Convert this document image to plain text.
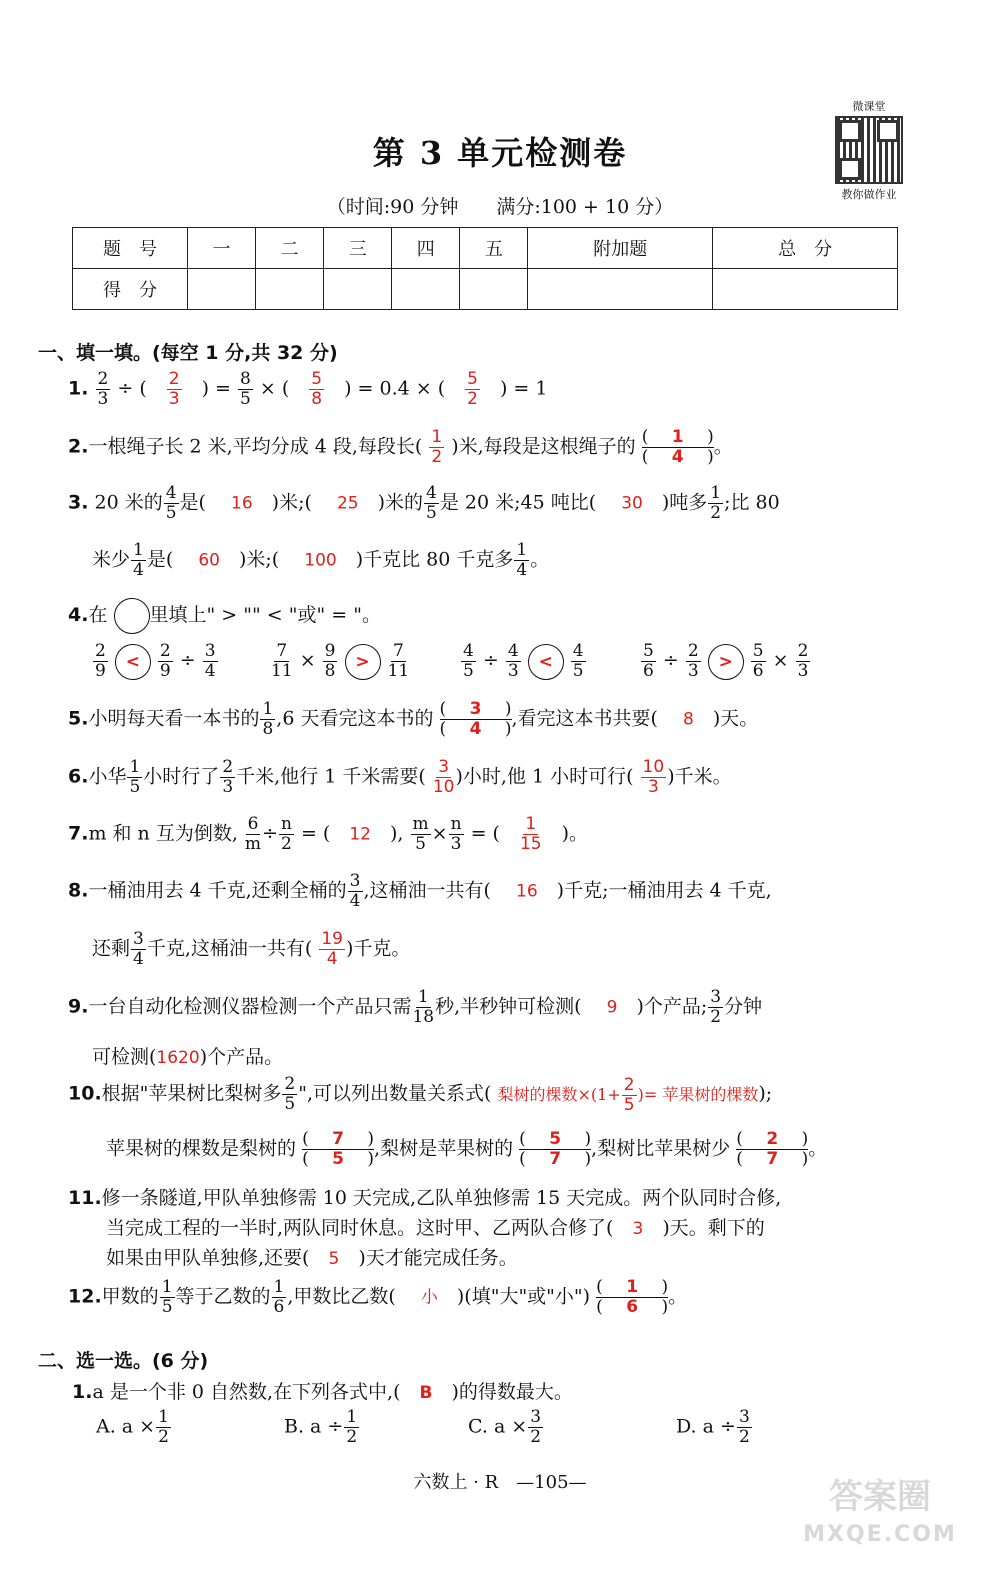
第 3 单元检测卷
微课堂
教你做作业
（时间:90 分钟　　满分:100 + 10 分）
题　号	一	二	三	四	五	附加题	总　分
得　分							
一、填一填。(每空 1 分,共 32 分)
1. $\frac{2}{3}$ ÷ (　 $\frac{2}{3}$ 　) = $\frac{8}{5}$ × (　 $\frac{5}{8}$ 　) = 0.4 × (　 $\frac{5}{2}$ 　) = 1
2.一根绳子长 2 米,平均分成 4 段,每段长( $\frac{1}{2}$ )米,每段是这根绳子的 $\frac{( 1 )}{( 4 )}$ 。
3. 20 米的 $\frac{4}{5}$ 是( 　 16　 )米;( 　 25　 )米的 $\frac{4}{5}$ 是 20 米;45 吨比( 　 30　 )吨多 $\frac{1}{2}$ ;比 80
米少 $\frac{1}{4}$ 是( 　 60　 )米;( 　 100　 )千克比 80 千克多 $\frac{1}{4}$ 。
4.在 里填上" > "" < "或" = "。
$\frac{2}{9} < \frac{2}{9} \div \frac{3}{4}$	$\frac{7}{11} \times \frac{9}{8} > \frac{7}{11}$	$\frac{4}{5} \div \frac{4}{3} < \frac{4}{5}$	$\frac{5}{6} \div \frac{2}{3} > \frac{5}{6} \times \frac{2}{3}$
5.小明每天看一本书的 $\frac{1}{8} ,6$ 天看完这本书的 $\frac{( 3 )}{( 4 )}$ ,看完这本书共要( 　 8　 )天。
6.小华 $\frac{1}{5}$ 小时行了 $\frac{2}{3}$ 千米,他行 1 千米需要( $\frac{3}{10}$ )小时,他 1 小时可行( $\frac{10}{3}$ )千米。
7.m 和 n 互为倒数, $\frac{6}{m} \div \frac{n}{2}$ = (　 12　 ), $\frac{m}{5} \times \frac{n}{3}$ = (　 $\frac{1}{15}$
　 )。
8.一桶油用去 4 千克,还剩全桶的 $\frac{3}{4}$ ,这桶油一共有( 　 16　 )千克;一桶油用去 4 千克,
还剩 $\frac{3}{4}$ 千克,这桶油一共有( $\frac{19}{4}$ )千克。
9.一台自动化检测仪器检测一个产品只需 $\frac{1}{18}$ 秒,半秒钟可检测( 　 9　 )个产品; $\frac{3}{2}$ 分钟
可检测(1620)个产品。
10.根据"苹果树比梨树多 $\frac{2}{5}$ ",可以列出数量关系式( 梨树的棵数$\times(1+ \frac{2}{5}$ )= 苹果树的棵数);
苹果树的棵数是梨树的 $\frac{( 7 )}{( 5 )}$ ,梨树是苹果树的 $\frac{( 5 )}{( 7 )}$ ,梨树比苹果树少 $\frac{( 2 )}{( 7 )}$ 。
11.修一条隧道,甲队单独修需 10 天完成,乙队单独修需 15 天完成。两个队同时合修,
当完成工程的一半时,两队同时休息。这时甲、乙两队合修了(　 3　 )天。剩下的
如果由甲队单独修,还要(　 5　 )天才能完成任务。
12.甲数的 $\frac{1}{5}$ 等于乙数的 $\frac{1}{6}$ ,甲数比乙数( 　 小　 )(填"大"或"小") $\frac{( 1 )}{( 6 )}$ 。
二、选一选。(6 分)
1.a 是一个非 0 自然数,在下列各式中,(　 B　 )的得数最大。
A. $a \times \frac{1}{2}$	B. $a \div \frac{1}{2}$	C. $a \times \frac{3}{2}$	D. $a \div \frac{3}{2}$
六数上 · R　—105—	答案圈
MXQE.COM
